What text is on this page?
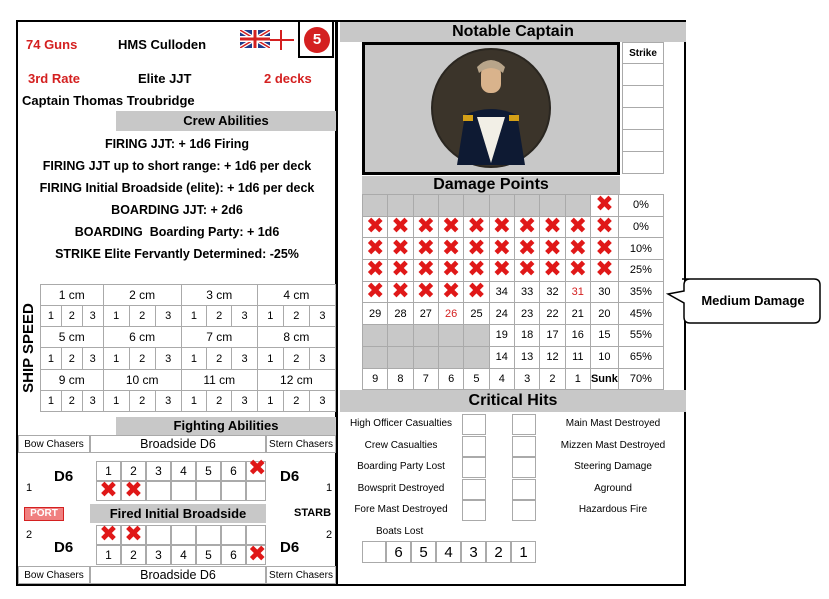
74 Guns	HMS Culloden	5
3rd Rate	Elite JJT	2 decks
Captain Thomas Troubridge
Crew Abilities
FIRING JJT: + 1d6 Firing
FIRING JJT up to short range: + 1d6 per deck
FIRING Initial Broadside (elite): + 1d6 per deck
BOARDING JJT: + 2d6
BOARDING  Boarding Party: + 1d6
STRIKE Elite Fervantly Determined: -25%
SHIP SPEED
1 cm			2 cm			3 cm			4 cm		
1	2	3	1	2	3	1	2	3	1	2	3
5 cm			6 cm			7 cm			8 cm		
1	2	3	1	2	3	1	2	3	1	2	3
9 cm			10 cm			11 cm			12 cm		
1	2	3	1	2	3	1	2	3	1	2	3
Fighting Abilities
Bow Chasers	Broadside D6	Stern Chasers
D6
1
D6
1
1	2	3	4	5	6 ✖
✖ ✖
PORT	Fired Initial Broadside	STARB
2
D6
2
D6
✖ ✖
1	2	3	4	5	6 ✖
Bow Chasers	Broadside D6	Stern Chasers
Notable Captain
Strike
Damage Points
									✖	0%
✖	✖	✖	✖	✖	✖	✖	✖	✖	✖	0%
✖	✖	✖	✖	✖	✖	✖	✖	✖	✖	10%
✖	✖	✖	✖	✖	✖	✖	✖	✖	✖	25%
✖	✖	✖	✖	✖	34	33	32	31	30	35%
29	28	27	26	25	24	23	22	21	20	45%
					19	18	17	16	15	55%
					14	13	12	11	10	65%
9	8	7	6	5	4	3	2	1	Sunk	70%
Critical Hits
High Officer Casualties
Crew Casualties
Boarding Party Lost
Bowsprit Destroyed
Fore Mast Destroyed
Boats Lost
Main Mast Destroyed
Mizzen Mast Destroyed
Steering Damage
Aground
Hazardous Fire
6	5	4	3	2	1
Medium Damage
